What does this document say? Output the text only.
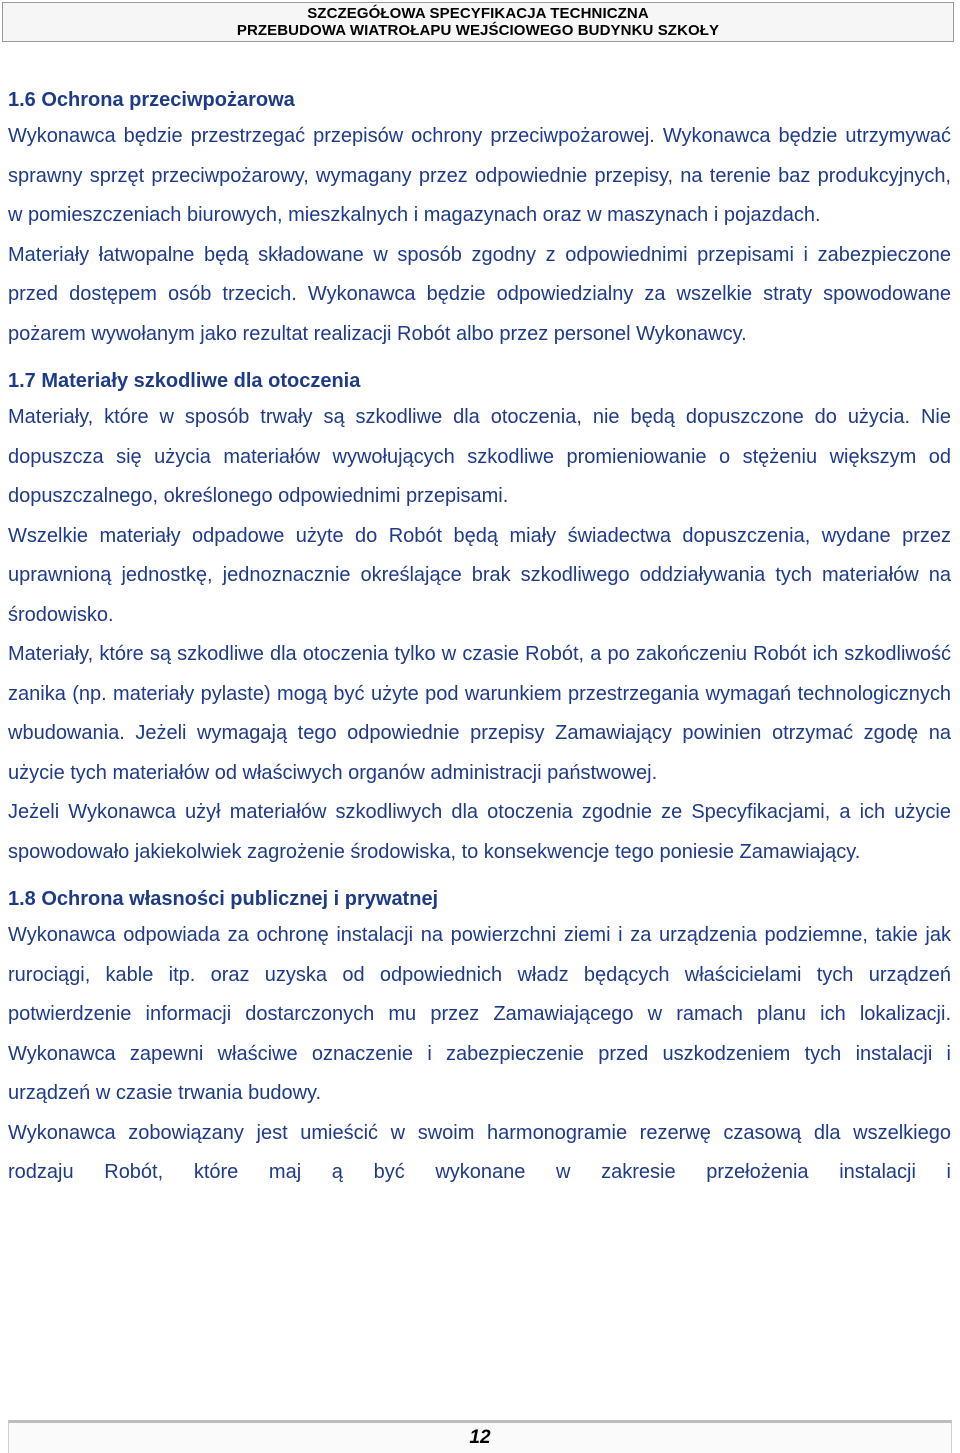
SZCZEGÓŁOWA SPECYFIKACJA TECHNICZNA
PRZEBUDOWA WIATROŁAPU WEJŚCIOWEGO BUDYNKU SZKOŁY
1.6 Ochrona przeciwpożarowa

Wykonawca będzie przestrzegać przepisów ochrony przeciwpożarowej. Wykonawca będzie utrzymywać sprawny sprzęt przeciwpożarowy, wymagany przez odpowiednie przepisy, na terenie baz produkcyjnych, w pomieszczeniach biurowych, mieszkalnych i magazynach oraz w maszynach i pojazdach.

Materiały łatwopalne będą składowane w sposób zgodny z odpowiednimi przepisami i zabezpieczone przed dostępem osób trzecich. Wykonawca będzie odpowiedzialny za wszelkie straty spowodowane pożarem wywołanym jako rezultat realizacji Robót albo przez personel Wykonawcy.

1.7 Materiały szkodliwe dla otoczenia

Materiały, które w sposób trwały są szkodliwe dla otoczenia, nie będą dopuszczone do użycia. Nie dopuszcza się użycia materiałów wywołujących szkodliwe promieniowanie o stężeniu większym od dopuszczalnego, określonego odpowiednimi przepisami.

Wszelkie materiały odpadowe użyte do Robót będą miały świadectwa dopuszczenia, wydane przez uprawnioną jednostkę, jednoznacznie określające brak szkodliwego oddziaływania tych materiałów na środowisko.

Materiały, które są szkodliwe dla otoczenia tylko w czasie Robót, a po zakończeniu Robót ich szkodliwość zanika (np. materiały pylaste) mogą być użyte pod warunkiem przestrzegania wymagań technologicznych wbudowania. Jeżeli wymagają tego odpowiednie przepisy Zamawiający powinien otrzymać zgodę na użycie tych materiałów od właściwych organów administracji państwowej.

Jeżeli Wykonawca użył materiałów szkodliwych dla otoczenia zgodnie ze Specyfikacjami, a ich użycie spowodowało jakiekolwiek zagrożenie środowiska, to konsekwencje tego poniesie Zamawiający.

1.8 Ochrona własności publicznej i prywatnej

Wykonawca odpowiada za ochronę instalacji na powierzchni ziemi i za urządzenia podziemne, takie jak rurociągi, kable itp. oraz uzyska od odpowiednich władz będących właścicielami tych urządzeń potwierdzenie informacji dostarczonych mu przez Zamawiającego w ramach planu ich lokalizacji. Wykonawca zapewni właściwe oznaczenie i zabezpieczenie przed uszkodzeniem tych instalacji i urządzeń w czasie trwania budowy.

Wykonawca zobowiązany jest umieścić w swoim harmonogramie rezerwę czasową dla wszelkiego rodzaju Robót, które maj ą być wykonane w zakresie przełożenia instalacji i

12
